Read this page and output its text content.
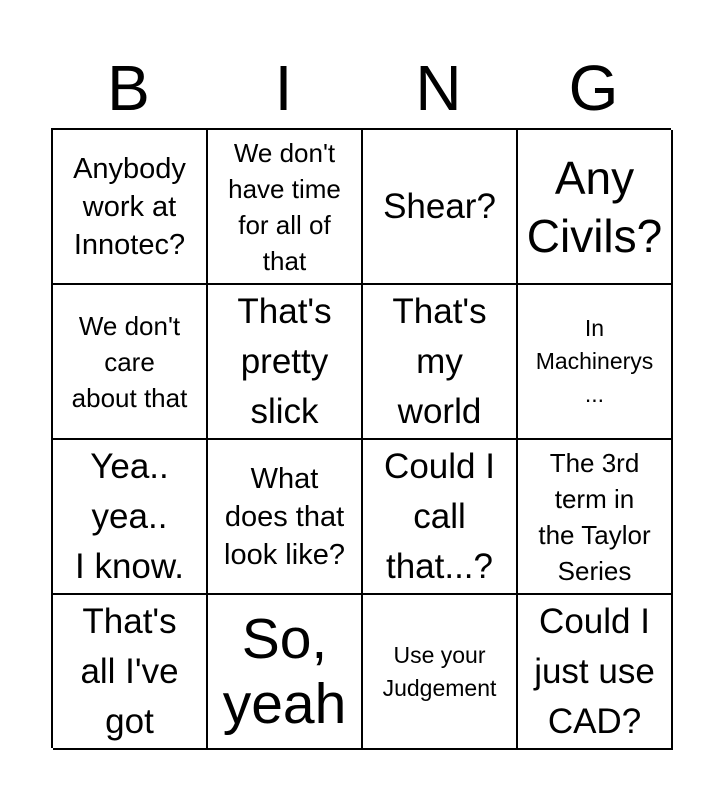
B	I	N	G
Anybody
work at
Innotec?
We don't
have time
for all of
that
Shear?
Any
Civils?
We don't
care
about that
That's
pretty
slick
That's
my
world
In
Machinerys
...
Yea..
yea..
I know.
What
does that
look like?
Could I
call
that...?
The 3rd
term in
the Taylor
Series
That's
all I've
got
So,
yeah
Use your
Judgement
Could I
just use
CAD?
